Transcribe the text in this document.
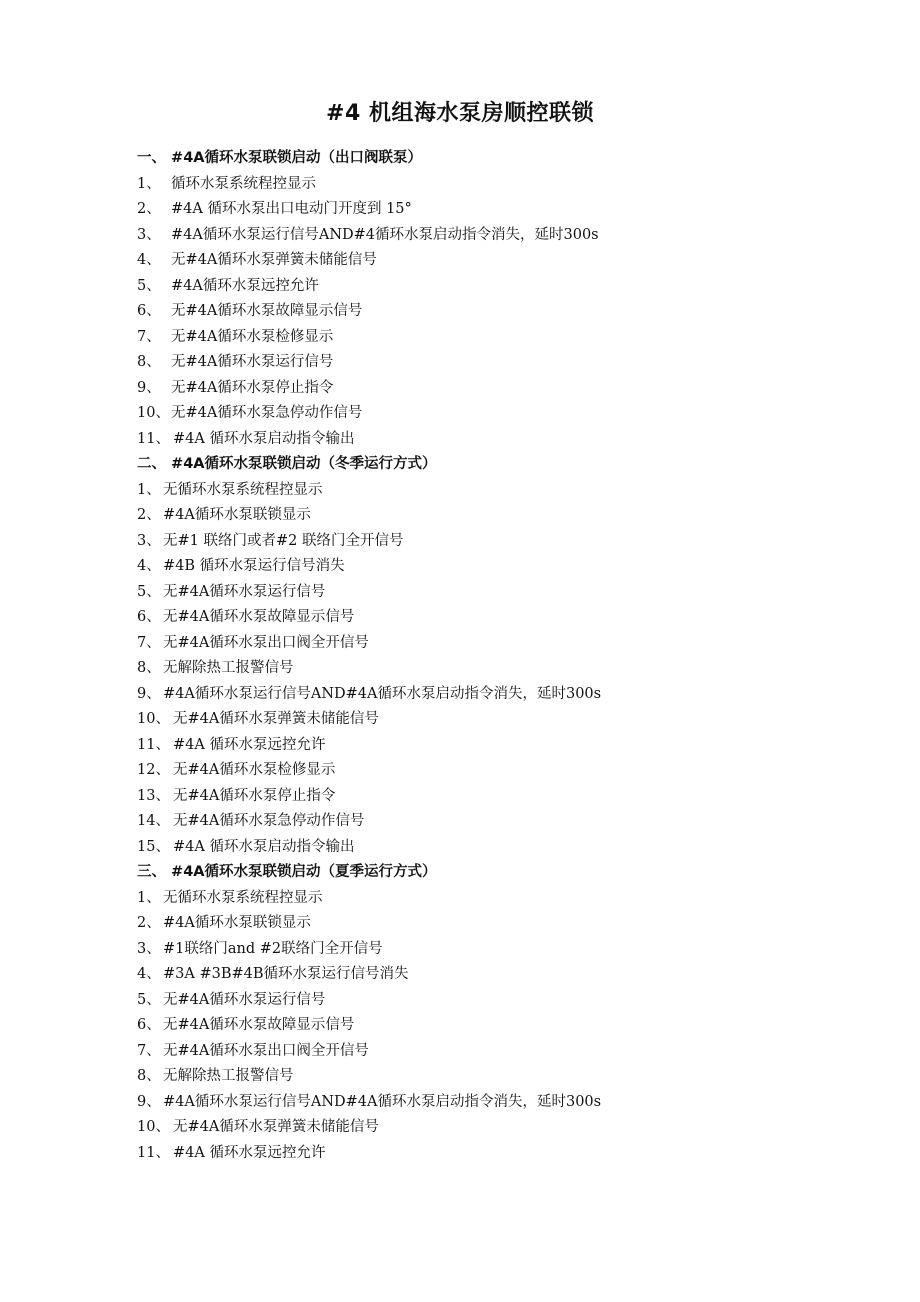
#4 机组海水泵房顺控联锁
一、 #4A循环水泵联锁启动（出口阀联泵）
1、 循环水泵系统程控显示
2、 #4A 循环水泵出口电动门开度到 15°
3、 #4A循环水泵运行信号AND#4循环水泵启动指令消失，延时300s
4、 无#4A循环水泵弹簧未储能信号
5、 #4A循环水泵远控允许
6、 无#4A循环水泵故障显示信号
7、 无#4A循环水泵检修显示
8、 无#4A循环水泵运行信号
9、 无#4A循环水泵停止指令
10、无#4A循环水泵急停动作信号
11、 #4A 循环水泵启动指令输出
二、 #4A循环水泵联锁启动（冬季运行方式）
1、 无循环水泵系统程控显示
2、 #4A循环水泵联锁显示
3、 无#1 联络门或者#2 联络门全开信号
4、 #4B 循环水泵运行信号消失
5、 无#4A循环水泵运行信号
6、 无#4A循环水泵故障显示信号
7、 无#4A循环水泵出口阀全开信号
8、 无解除热工报警信号
9、 #4A循环水泵运行信号AND#4A循环水泵启动指令消失，延时300s
10、 无#4A循环水泵弹簧未储能信号
11、 #4A 循环水泵远控允许
12、 无#4A循环水泵检修显示
13、 无#4A循环水泵停止指令
14、 无#4A循环水泵急停动作信号
15、 #4A 循环水泵启动指令输出
三、 #4A循环水泵联锁启动（夏季运行方式）
1、 无循环水泵系统程控显示
2、 #4A循环水泵联锁显示
3、 #1联络门and #2联络门全开信号
4、 #3A #3B#4B循环水泵运行信号消失
5、 无#4A循环水泵运行信号
6、 无#4A循环水泵故障显示信号
7、 无#4A循环水泵出口阀全开信号
8、 无解除热工报警信号
9、 #4A循环水泵运行信号AND#4A循环水泵启动指令消失，延时300s
10、 无#4A循环水泵弹簧未储能信号
11、 #4A 循环水泵远控允许
